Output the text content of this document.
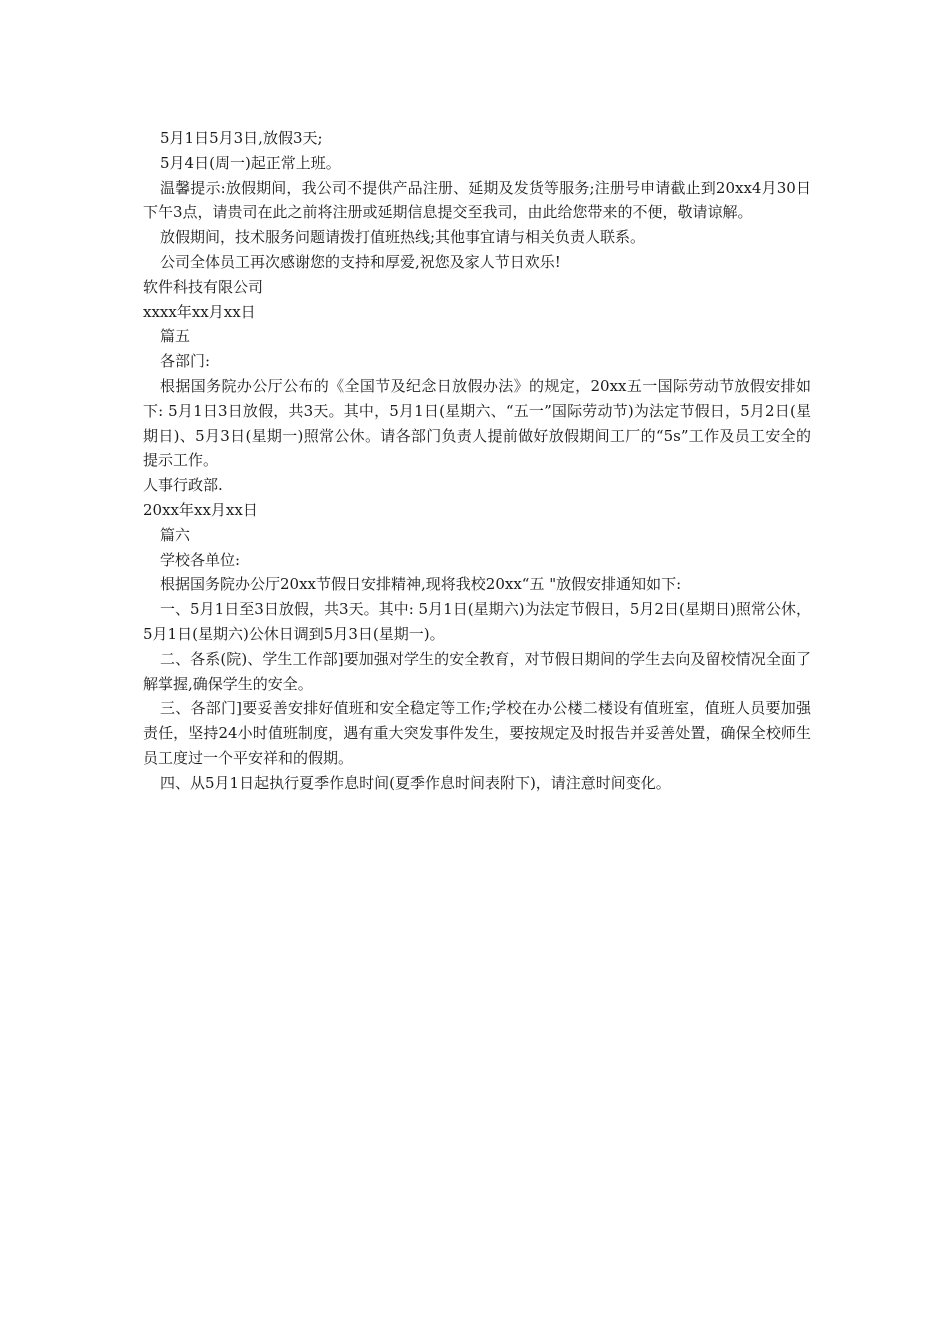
5月1日5月3日,放假3天;

5月4日(周一)起正常上班。

温馨提示:放假期间，我公司不提供产品注册、延期及发货等服务;注册号申请截止到20xx4月30日下午3点，请贵司在此之前将注册或延期信息提交至我司，由此给您带来的不便，敬请谅解。

放假期间，技术服务问题请拨打值班热线;其他事宜请与相关负责人联系。

公司全体员工再次感谢您的支持和厚爱,祝您及家人节日欢乐!

软件科技有限公司

xxxx年xx月xx日

篇五

各部门:

根据国务院办公厅公布的《全国节及纪念日放假办法》的规定，20xx五一国际劳动节放假安排如下: 5月1日3日放假，共3天。其中，5月1日(星期六、“五一”国际劳动节)为法定节假日，5月2日(星期日)、5月3日(星期一)照常公休。请各部门负责人提前做好放假期间工厂的“5s”工作及员工安全的提示工作。

人事行政部.

20xx年xx月xx日

篇六

学校各单位:

根据国务院办公厅20xx节假日安排精神,现将我校20xx“五 "放假安排通知如下:

一、5月1日至3日放假，共3天。其中: 5月1日(星期六)为法定节假日，5月2日(星期日)照常公休，5月1日(星期六)公休日调到5月3日(星期一)。

二、各系(院)、学生工作部]要加强对学生的安全教育，对节假日期间的学生去向及留校情况全面了解掌握,确保学生的安全。

三、各部门]要妥善安排好值班和安全稳定等工作;学校在办公楼二楼设有值班室，值班人员要加强责任，坚持24小时值班制度，遇有重大突发事件发生，要按规定及时报告并妥善处置，确保全校师生员工度过一个平安祥和的假期。

四、从5月1日起执行夏季作息时间(夏季作息时间表附下)，请注意时间变化。
